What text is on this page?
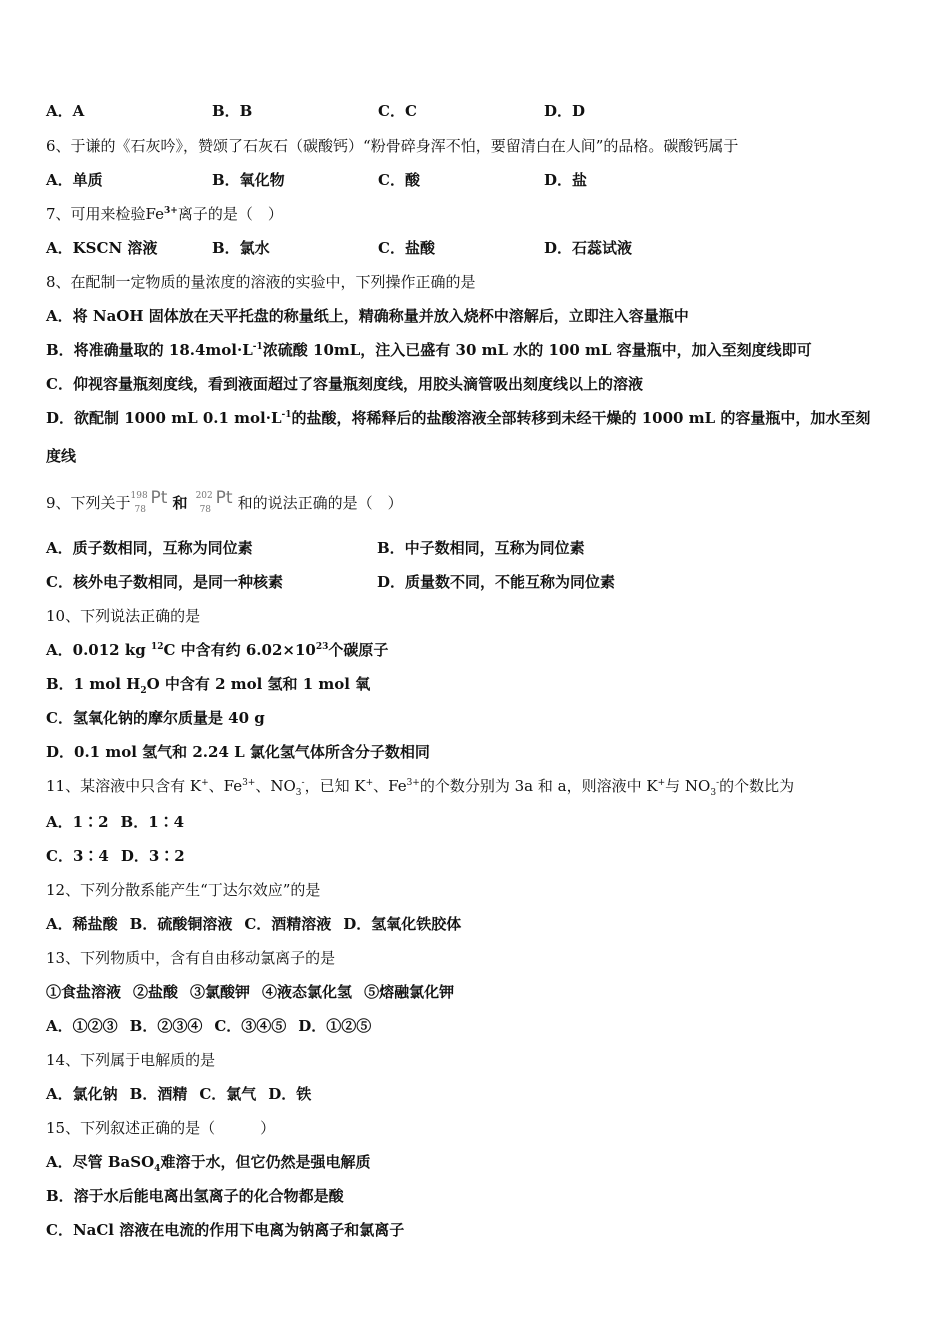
A．A	B．B	C．C	D．D
6、于谦的《石灰吟》，赞颂了石灰石（碳酸钙）“粉骨碎身浑不怕，要留清白在人间”的品格。碳酸钙属于
A．单质	B．氧化物	C．酸	D．盐
7、可用来检验$Fe^{3+}$离子的是（　）
A．KSCN 溶液	B．氯水	C．盐酸	D．石蕊试液
8、在配制一定物质的量浓度的溶液的实验中，下列操作正确的是
A．将 NaOH 固体放在天平托盘的称量纸上，精确称量并放入烧杯中溶解后，立即注入容量瓶中
B．将准确量取的 $18.4mol\cdot L^{-1}$浓硫酸 10mL，注入已盛有 30 mL 水的 100 mL 容量瓶中，加入至刻度线即可
C．仰视容量瓶刻度线，看到液面超过了容量瓶刻度线，用胶头滴管吸出刻度线以上的溶液
D．欲配制 1000 mL 0.1 $mol\cdot L^{-1}$的盐酸，将稀释后的盐酸溶液全部转移到未经干燥的 1000 mL 的容量瓶中，加水至刻
度线
9、下列关于 198
78
Pt 和 202
78
Pt 和的说法正确的是（　）
A．质子数相同，互称为同位素	B．中子数相同，互称为同位素
C．核外电子数相同，是同一种核素	D．质量数不同，不能互称为同位素
10、下列说法正确的是
A．0.012 kg $^{12}$C 中含有约 $6.02\times 10^{23}$个碳原子
B．1 mol $H_2O$ 中含有 2 mol 氢和 1 mol 氧
C．氢氧化钠的摩尔质量是 40 g
D．0.1 mol 氢气和 2.24 L 氯化氢气体所含分子数相同
11、某溶液中只含有 K+、$Fe^{3+}$、$NO_3^-$，已知 K+、$Fe^{3+}$的个数分别为 3a 和 a，则溶液中 K+与 $NO_3^-$的个数比为
A．1∶2 B．1∶4
C．3∶4 D．3∶2
12、下列分散系能产生“丁达尔效应”的是
A．稀盐酸 B．硫酸铜溶液 C．酒精溶液 D．氢氧化铁胶体
13、下列物质中，含有自由移动氯离子的是
①食盐溶液 ②盐酸 ③氯酸钾 ④液态氯化氢 ⑤熔融氯化钾
A．①②③ B．②③④ C．③④⑤ D．①②⑤
14、下列属于电解质的是
A．氯化钠 B．酒精 C．氯气 D．铁
15、下列叙述正确的是（　　　）
A．尽管 BaSO$_4$难溶于水，但它仍然是强电解质
B．溶于水后能电离出氢离子的化合物都是酸
C．NaCl 溶液在电流的作用下电离为钠离子和氯离子
